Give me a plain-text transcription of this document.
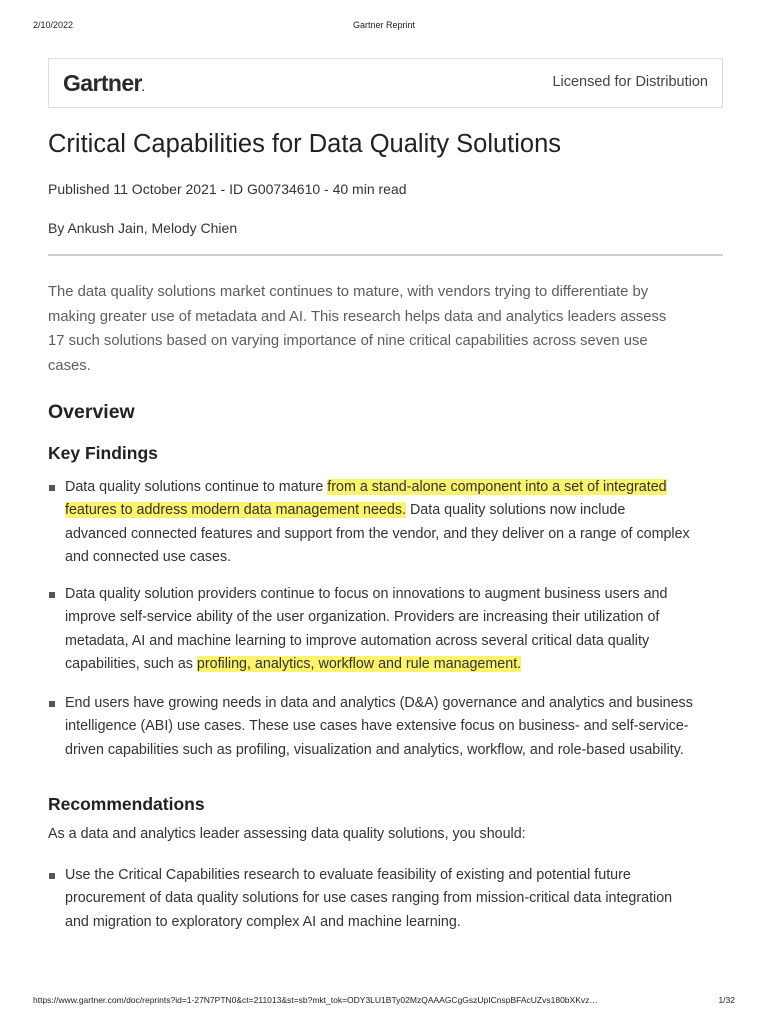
2/10/2022	Gartner Reprint
Gartner.	Licensed for Distribution
Critical Capabilities for Data Quality Solutions
Published 11 October 2021 - ID G00734610 - 40 min read
By Ankush Jain, Melody Chien
The data quality solutions market continues to mature, with vendors trying to differentiate by
making greater use of metadata and AI. This research helps data and analytics leaders assess
17 such solutions based on varying importance of nine critical capabilities across seven use
cases.
Overview
Key Findings
Data quality solutions continue to mature from a stand-alone component into a set of integrated
features to address modern data management needs. Data quality solutions now include
advanced connected features and support from the vendor, and they deliver on a range of complex
and connected use cases.
Data quality solution providers continue to focus on innovations to augment business users and
improve self-service ability of the user organization. Providers are increasing their utilization of
metadata, AI and machine learning to improve automation across several critical data quality
capabilities, such as profiling, analytics, workflow and rule management.
End users have growing needs in data and analytics (D&A) governance and analytics and business
intelligence (ABI) use cases. These use cases have extensive focus on business- and self-service-
driven capabilities such as profiling, visualization and analytics, workflow, and role-based usability.
Recommendations
As a data and analytics leader assessing data quality solutions, you should:
Use the Critical Capabilities research to evaluate feasibility of existing and potential future
procurement of data quality solutions for use cases ranging from mission-critical data integration
and migration to exploratory complex AI and machine learning.
https://www.gartner.com/doc/reprints?id=1-27N7PTN0&ct=211013&st=sb?mkt_tok=ODY3LU1BTy02MzQAAAGCgGszUpICnspBFAcUZvs180bXKvz…	1/32
